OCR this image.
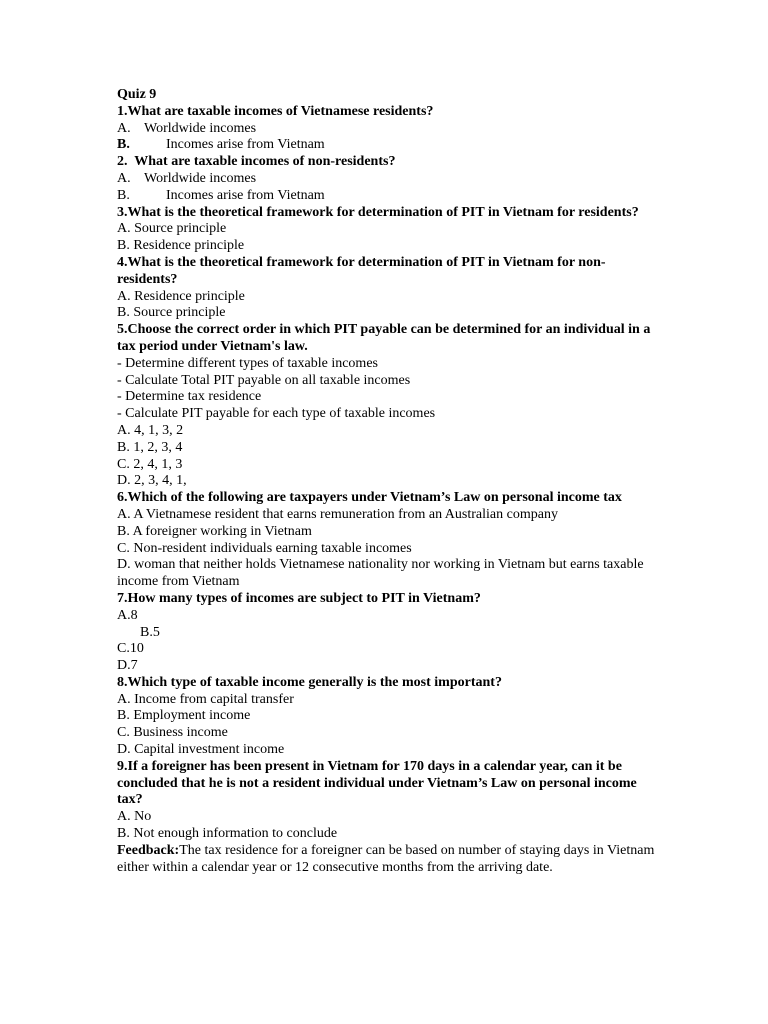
Quiz 9

1.What are taxable incomes of Vietnamese residents?

A. Worldwide incomes

B.	Incomes arise from Vietnam

2.  What are taxable incomes of non-residents?

A. Worldwide incomes

B.	Incomes arise from Vietnam

3.What is the theoretical framework for determination of PIT in Vietnam for residents?

A. Source principle

B. Residence principle

4.What is the theoretical framework for determination of PIT in Vietnam for non-residents?

A. Residence principle

B. Source principle

5.Choose the correct order in which PIT payable can be determined for an individual in a tax period under Vietnam's law.

- Determine different types of taxable incomes

- Calculate Total PIT payable on all taxable incomes

- Determine tax residence

- Calculate PIT payable for each type of taxable incomes

A. 4, 1, 3, 2

B. 1, 2, 3, 4

C. 2, 4, 1, 3

D. 2, 3, 4, 1,

6.Which of the following are taxpayers under Vietnam’s Law on personal income tax

A. A Vietnamese resident that earns remuneration from an Australian company

B. A foreigner working in Vietnam

C. Non-resident individuals earning taxable incomes

D. woman that neither holds Vietnamese nationality nor working in Vietnam but earns taxable income from Vietnam

7.How many types of incomes are subject to PIT in Vietnam?

A.8

B.5

C.10

D.7

8.Which type of taxable income generally is the most important?

A. Income from capital transfer

B. Employment income

C. Business income

D. Capital investment income

9.If a foreigner has been present in Vietnam for 170 days in a calendar year, can it be concluded that he is not a resident individual under Vietnam’s Law on personal income tax?

A. No

B. Not enough information to conclude

Feedback:The tax residence for a foreigner can be based on number of staying days in Vietnam either within a calendar year or 12 consecutive months from the arriving date.
